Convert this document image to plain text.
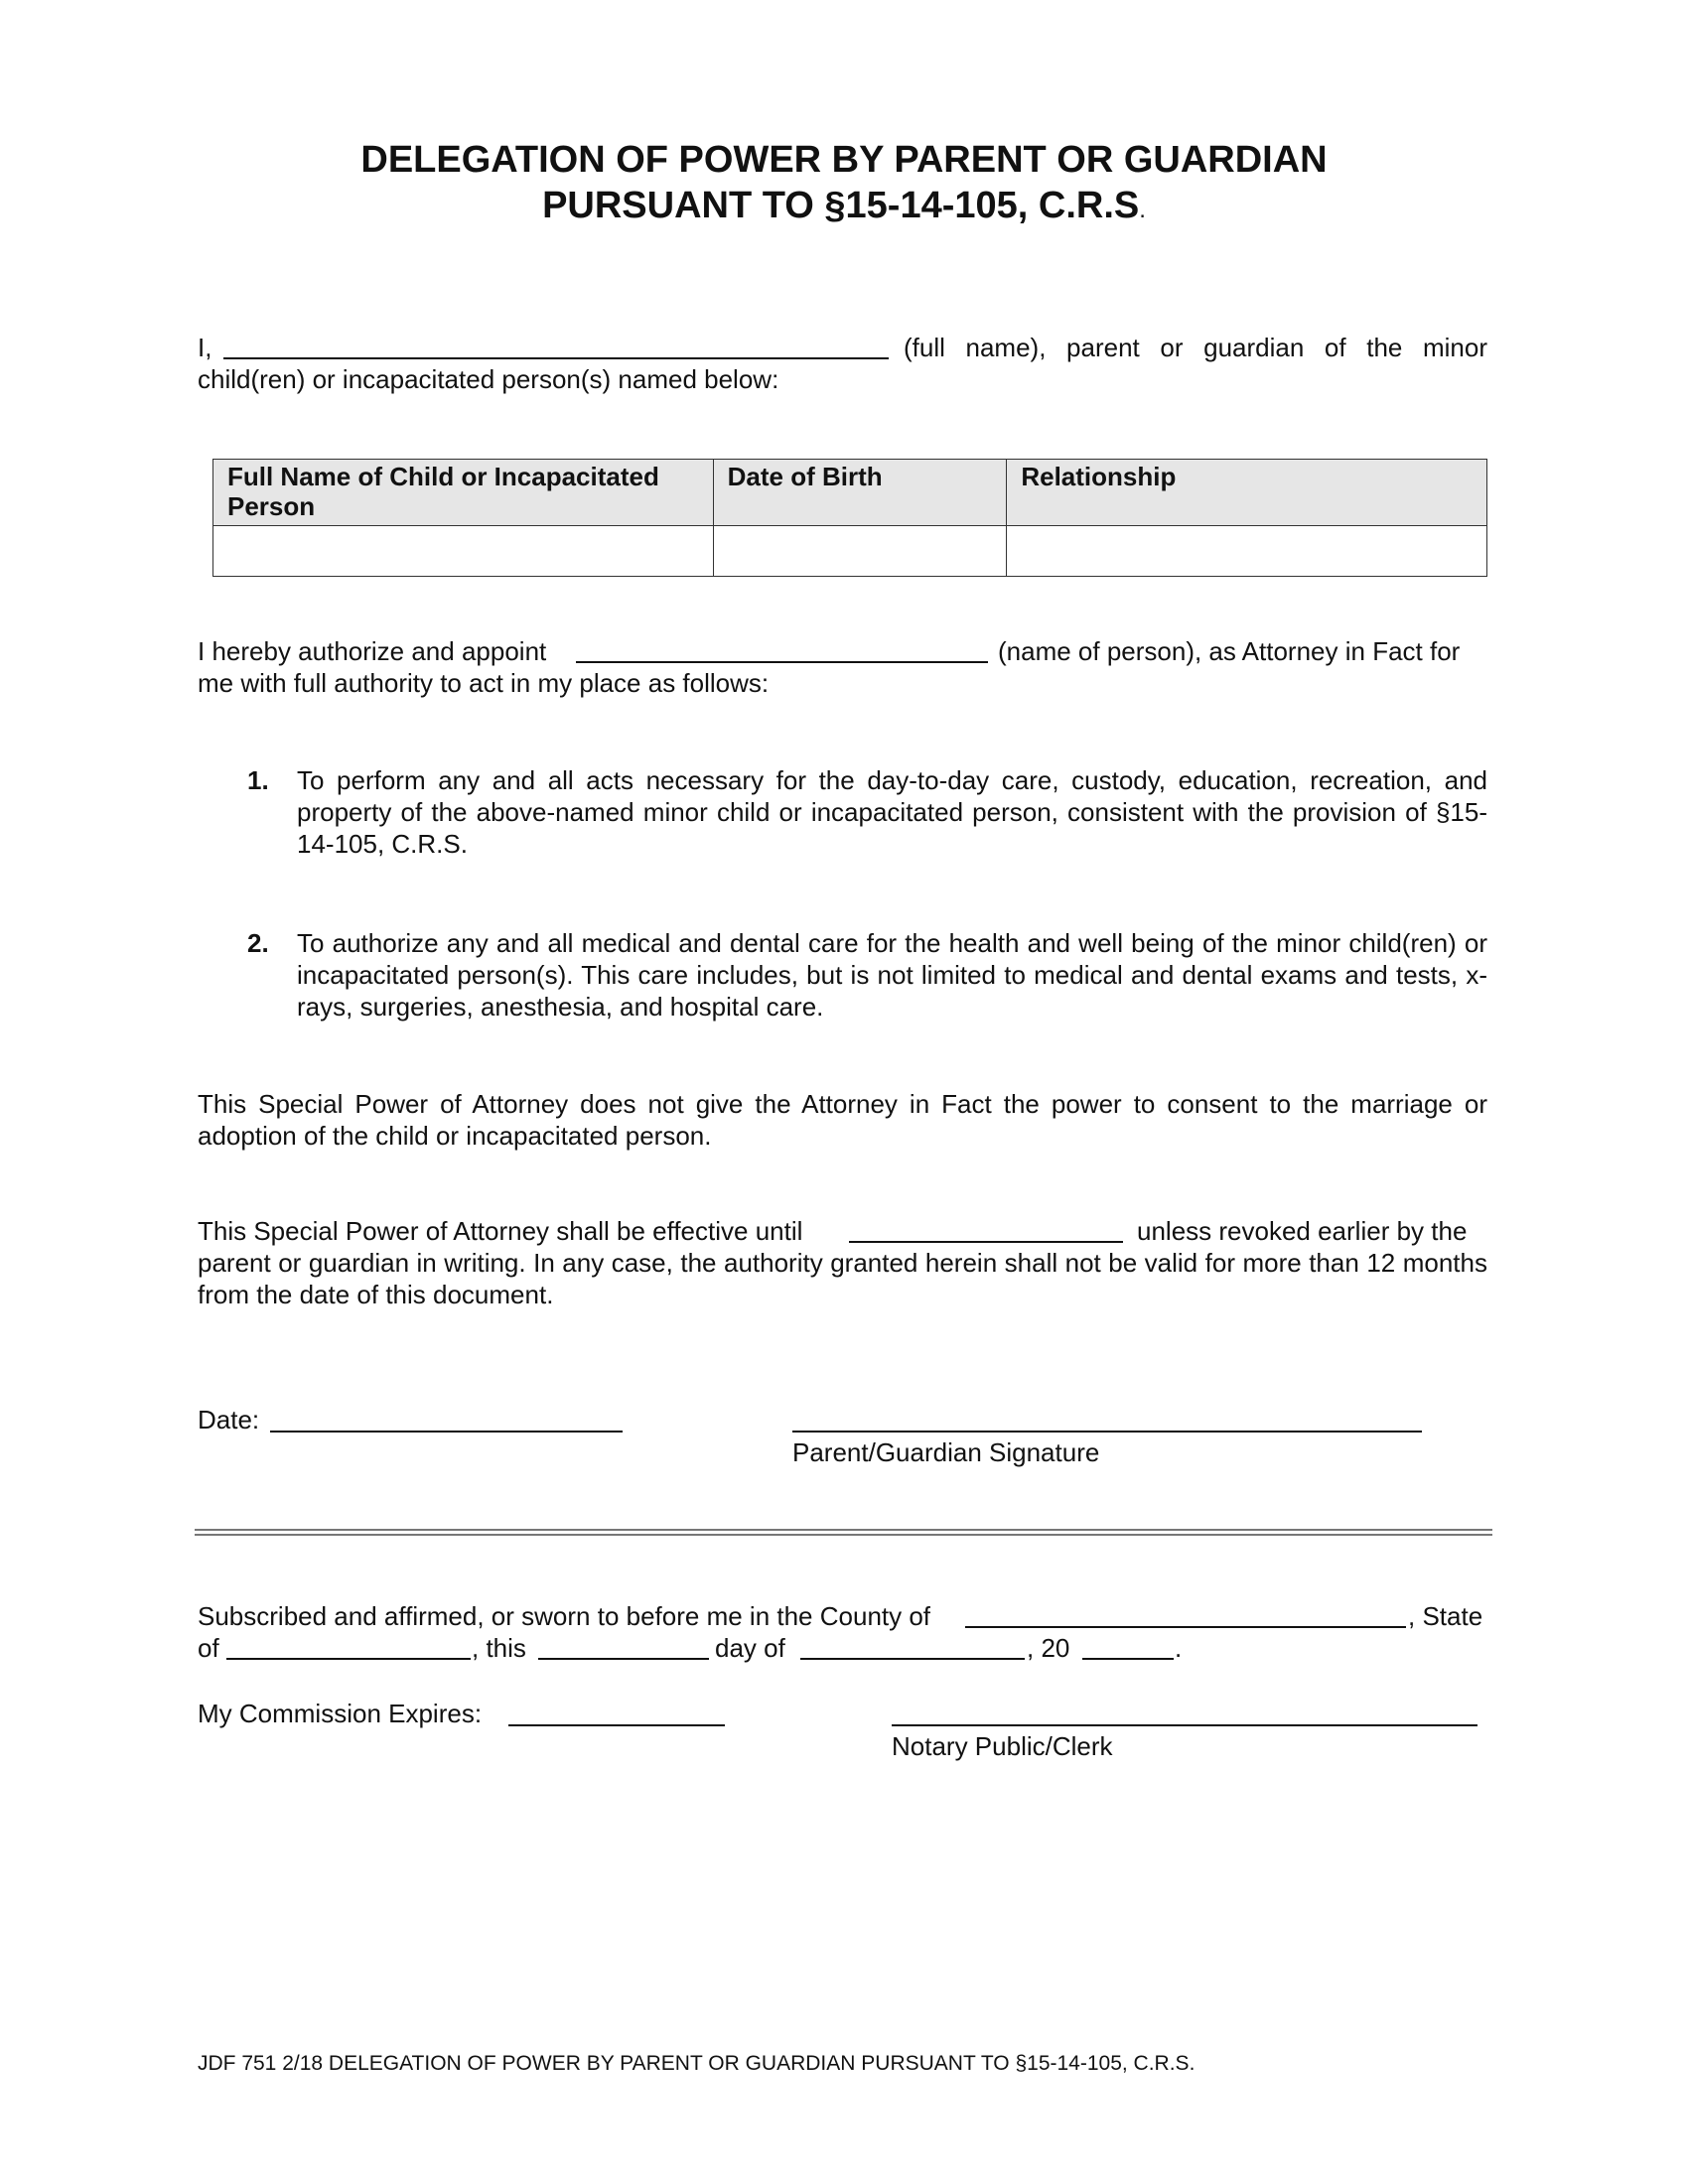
DELEGATION OF POWER BY PARENT OR GUARDIAN
PURSUANT TO §15-14-105, C.R.S.
I,	(full name), parent or guardian of the minor
child(ren) or incapacitated person(s) named below:
Full Name of Child or Incapacitated Person	Date of Birth	Relationship

I hereby authorize and appoint	(name of person), as Attorney in Fact for
me with full authority to act in my place as follows:
1. To perform any and all acts necessary for the day-to-day care, custody, education, recreation, and property of the above-named minor child or incapacitated person, consistent with the provision of §15-14-105, C.R.S.
2. To authorize any and all medical and dental care for the health and well being of the minor child(ren) or incapacitated person(s). This care includes, but is not limited to medical and dental exams and tests, x-rays, surgeries, anesthesia, and hospital care.
This Special Power of Attorney does not give the Attorney in Fact the power to consent to the marriage or adoption of the child or incapacitated person.
This Special Power of Attorney shall be effective until	unless revoked earlier by the
parent or guardian in writing. In any case, the authority granted herein shall not be valid for more than 12 months from the date of this document.
Date:
Parent/Guardian Signature
Subscribed and affirmed, or sworn to before me in the County of	, State
of	, this	day of	, 20	.
My Commission Expires:
Notary Public/Clerk
JDF 751 2/18 DELEGATION OF POWER BY PARENT OR GUARDIAN PURSUANT TO §15-14-105, C.R.S.
